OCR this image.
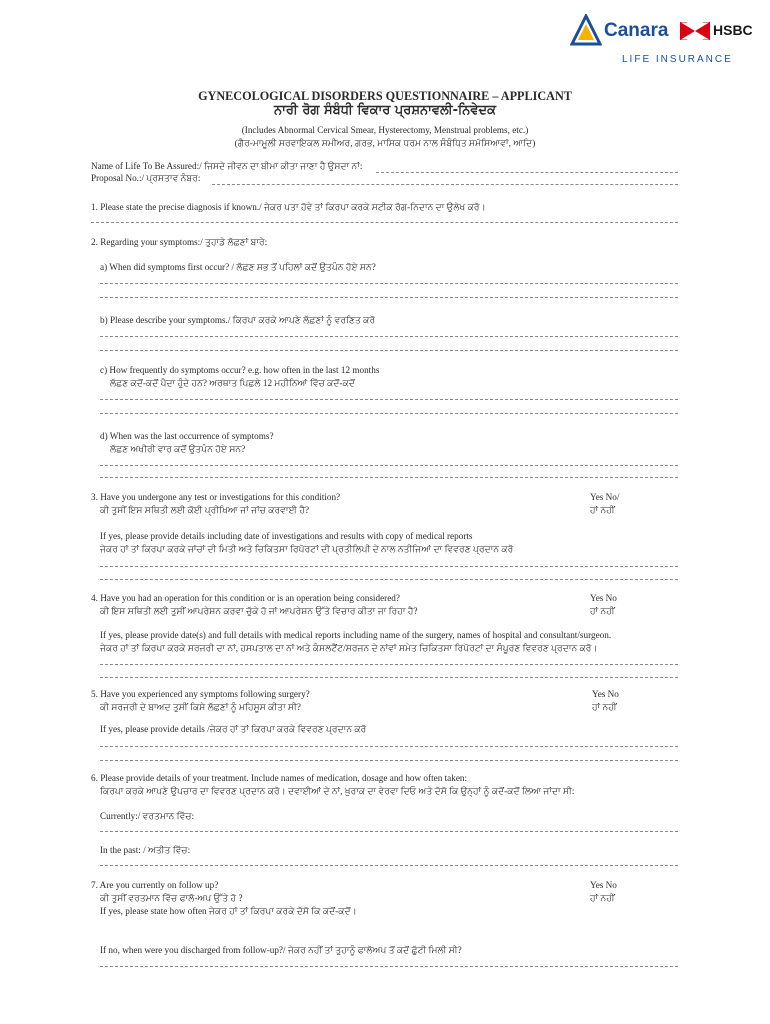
Canara	HSBC
LIFE INSURANCE
GYNECOLOGICAL DISORDERS QUESTIONNAIRE – APPLICANT
ਨਾਰੀ ਰੋਗ ਸੰਬੰਧੀ ਵਿਕਾਰ ਪ੍ਰਸ਼ਨਾਵਲੀ-ਨਿਵੇਦਕ
(Includes Abnormal Cervical Smear, Hysterectomy, Menstrual problems, etc.)
(ਗੈਰ-ਮਾਮੂਲੀ ਸਰਵਾਇਕਲ ਸਮੀਅਰ, ਗਰਭ, ਮਾਸਿਕ ਧਰਮ ਨਾਲ ਸੰਬੰਧਿਤ ਸਮੱਸਿਆਵਾਂ, ਆਦਿ)
Name of Life To Be Assured:/ ਜਿਸਦੇ ਜੀਵਨ ਦਾ ਬੀਮਾ ਕੀਤਾ ਜਾਣਾ ਹੈ ਉਸਦਾ ਨਾਂ:
Proposal No.:/ ਪ੍ਰਸਤਾਵ ਨੰਬਰ:
1. Please state the precise diagnosis if known./ ਜੇਕਰ ਪਤਾ ਹੋਵੇ ਤਾਂ ਕਿਰਪਾ ਕਰਕੇ ਸਟੀਕ ਰੋਗ-ਨਿਦਾਨ ਦਾ ਉਲੇਖ ਕਰੋ।
2. Regarding your symptoms:/ ਤੁਹਾਡੇ ਲੱਛਣਾਂ ਬਾਰੇ:
a) When did symptoms first occur? / ਲੱਛਣ ਸਭ ਤੋਂ ਪਹਿਲਾਂ ਕਦੋਂ ਉਤਪੰਨ ਹੋਏ ਸਨ?
b) Please describe your symptoms./ ਕਿਰਪਾ ਕਰਕੇ ਆਪਣੇ ਲੱਛਣਾਂ ਨੂੰ ਵਰਣਿਤ ਕਰੋ
c) How frequently do symptoms occur? e.g. how often in the last 12 months
ਲੱਛਣ ਕਦੋਂ-ਕਦੋਂ ਪੈਦਾ ਹੁੰਦੇ ਹਨ? ਅਰਥਾਤ ਪਿਛਲੇ 12 ਮਹੀਨਿਆਂ ਵਿੱਚ ਕਦੋਂ-ਕਦੋਂ
d) When was the last occurrence of symptoms?
ਲੱਛਣ ਅਖੀਰੀ ਵਾਰ ਕਦੋਂ ਉਤਪੰਨ ਹੋਏ ਸਨ?
3. Have you undergone any test or investigations for this condition?
ਕੀ ਤੁਸੀਂ ਇਸ ਸਥਿਤੀ ਲਈ ਕੋਈ ਪ੍ਰੀਖਿਆ ਜਾਂ ਜਾਂਚ ਕਰਵਾਈ ਹੈ?
Yes No/
ਹਾਂ ਨਹੀਂ
If yes, please provide details including date of investigations and results with copy of medical reports
ਜੇਕਰ ਹਾਂ ਤਾਂ ਕਿਰਪਾ ਕਰਕੇ ਜਾਂਚਾਂ ਦੀ ਮਿਤੀ ਅਤੇ ਚਿਕਿਤਸਾ ਰਿਪੋਰਟਾਂ ਦੀ ਪ੍ਰਤੀਲਿਪੀ ਦੇ ਨਾਲ ਨਤੀਜਿਆਂ ਦਾ ਵਿਵਰਣ ਪ੍ਰਦਾਨ ਕਰੋ
4. Have you had an operation for this condition or is an operation being considered?
ਕੀ ਇਸ ਸਥਿਤੀ ਲਈ ਤੁਸੀਂ ਆਪਰੇਸ਼ਨ ਕਰਵਾ ਚੁੱਕੇ ਹੋ ਜਾਂ ਆਪਰੇਸ਼ਨ ਉੱਤੇ ਵਿਚਾਰ ਕੀਤਾ ਜਾ ਰਿਹਾ ਹੈ?
Yes No
ਹਾਂ ਨਹੀਂ
If yes, please provide date(s) and full details with medical reports including name of the surgery, names of hospital and consultant/surgeon.
ਜੇਕਰ ਹਾਂ ਤਾਂ ਕਿਰਪਾ ਕਰਕੇ ਸਰਜਰੀ ਦਾ ਨਾਂ, ਹਸਪਤਾਲ ਦਾ ਨਾਂ ਅਤੇ ਕੰਸਲਟੈਂਟ/ਸਰਜਨ ਦੇ ਨਾਂਵਾਂ ਸਮੇਤ ਚਿਕਿਤਸਾ ਰਿਪੋਰਟਾਂ ਦਾ ਸੰਪੂਰਣ ਵਿਵਰਣ ਪ੍ਰਦਾਨ ਕਰੋ।
5. Have you experienced any symptoms following surgery?
ਕੀ ਸਰਜਰੀ ਦੇ ਬਾਅਦ ਤੁਸੀਂ ਕਿਸੇ ਲੱਛਣਾਂ ਨੂੰ ਮਹਿਸੂਸ ਕੀਤਾ ਸੀ?
Yes No
ਹਾਂ ਨਹੀਂ
If yes, please provide details /ਜੇਕਰ ਹਾਂ ਤਾਂ ਕਿਰਪਾ ਕਰਕੇ ਵਿਵਰਣ ਪ੍ਰਦਾਨ ਕਰੋ
6. Please provide details of your treatment. Include names of medication, dosage and how often taken:
ਕਿਰਪਾ ਕਰਕੇ ਆਪਣੇ ਉਪਚਾਰ ਦਾ ਵਿਵਰਣ ਪ੍ਰਦਾਨ ਕਰੋ। ਦਵਾਈਆਂ ਦੇ ਨਾਂ, ਖ਼ੁਰਾਕ ਦਾ ਵੇਰਵਾ ਦਿਓ ਅਤੇ ਦੱਸੋ ਕਿ ਉਨ੍ਹਾਂ ਨੂੰ ਕਦੋਂ-ਕਦੋਂ ਲਿਆ ਜਾਂਦਾ ਸੀ:
Currently:/ ਵਰਤਮਾਨ ਵਿੱਚ:
In the past: / ਅਤੀਤ ਵਿੱਚ:
7. Are you currently on follow up?
ਕੀ ਤੁਸੀਂ ਵਰਤਮਾਨ ਵਿੱਚ ਫਾਲੋ-ਅਪ ਉੱਤੇ ਹੋ ?
If yes, please state how often ਜੇਕਰ ਹਾਂ ਤਾਂ ਕਿਰਪਾ ਕਰਕੇ ਦੱਸੋ ਕਿ ਕਦੋਂ-ਕਦੋਂ।
Yes No
ਹਾਂ ਨਹੀਂ
If no, when were you discharged from follow-up?/ ਜੇਕਰ ਨਹੀਂ ਤਾਂ ਤੁਹਾਨੂੰ ਫਾਲੋਅਪ ਤੋਂ ਕਦੋਂ ਛੁੱਟੀ ਮਿਲੀ ਸੀ?
